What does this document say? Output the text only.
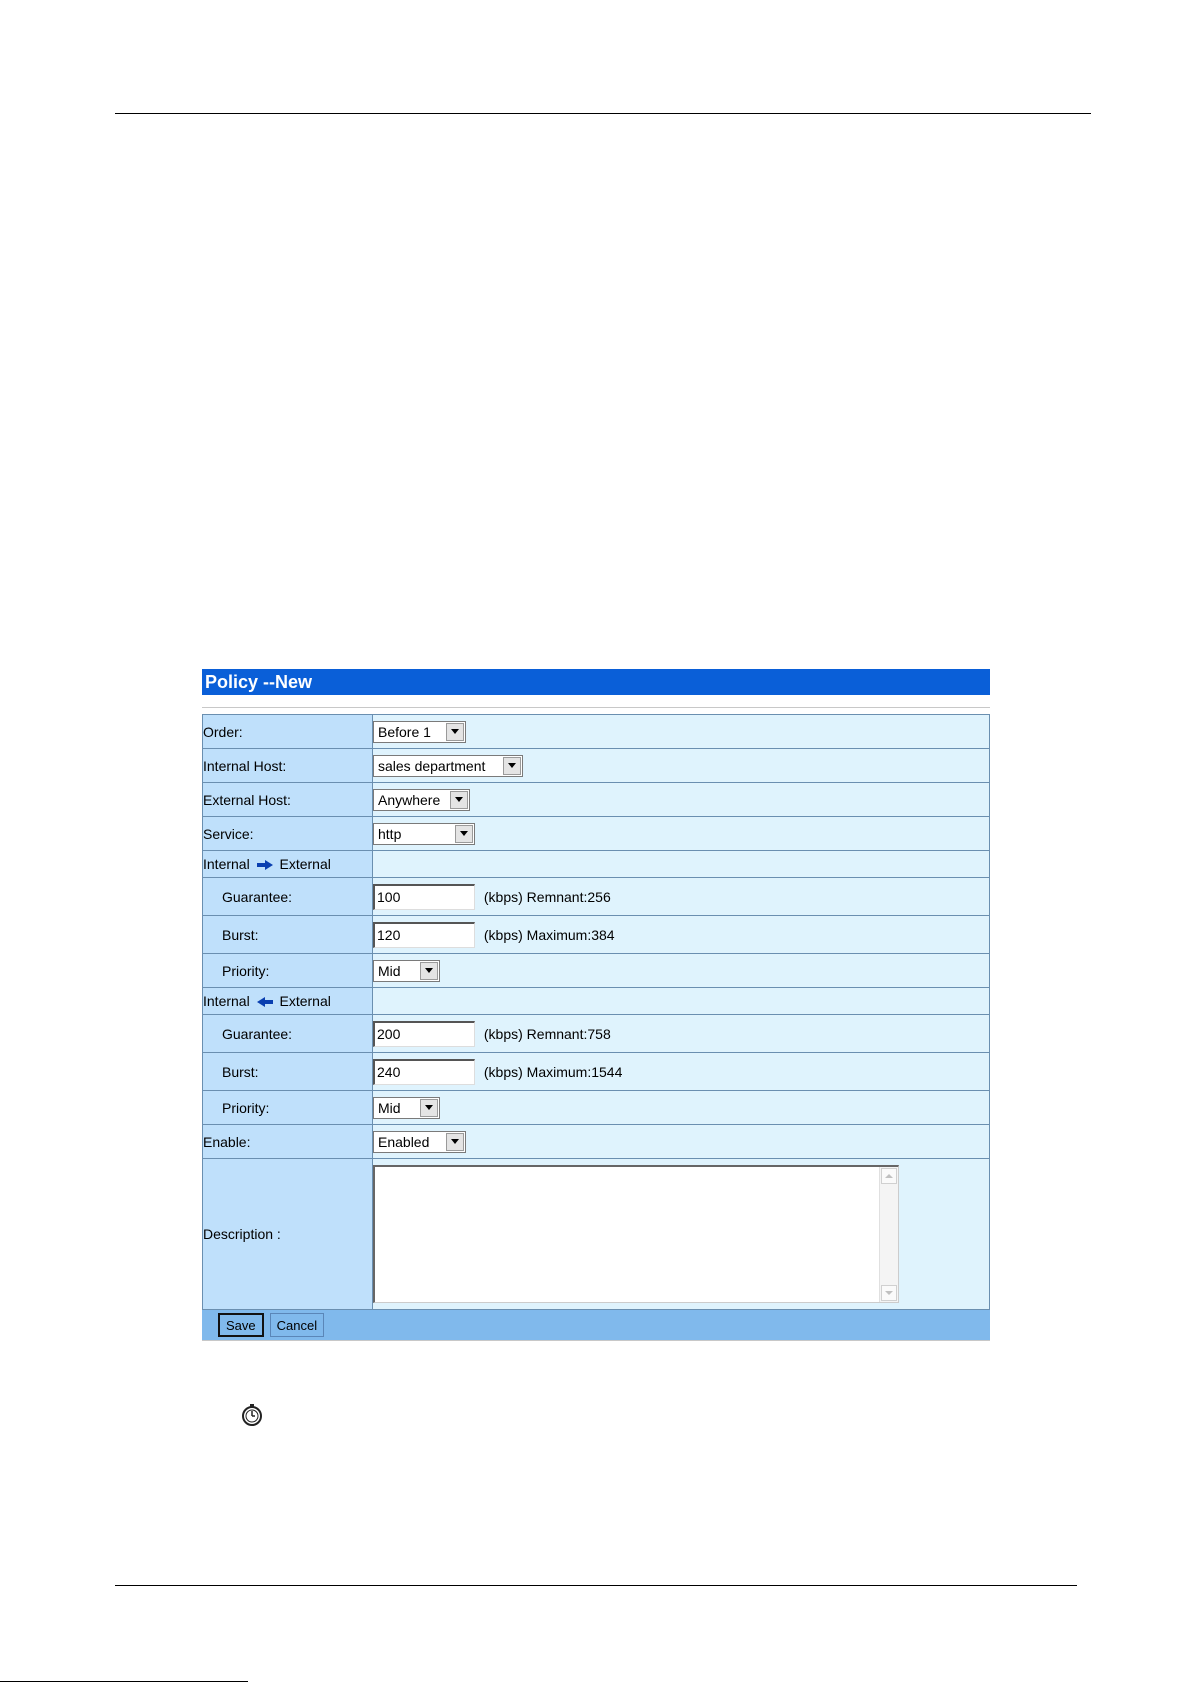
Policy --New
Order:	Before 1

Internal Host:	sales department

External Host:	Anywhere

Service:	http

Internal External	
Guarantee:	100 (kbps) Remnant:256
Burst:	120 (kbps) Maximum:384
Priority:	Mid

Internal External	
Guarantee:	200 (kbps) Remnant:758
Burst:	240 (kbps) Maximum:1544
Priority:	Mid

Enable:	Enabled

Description :	
Save	Cancel
